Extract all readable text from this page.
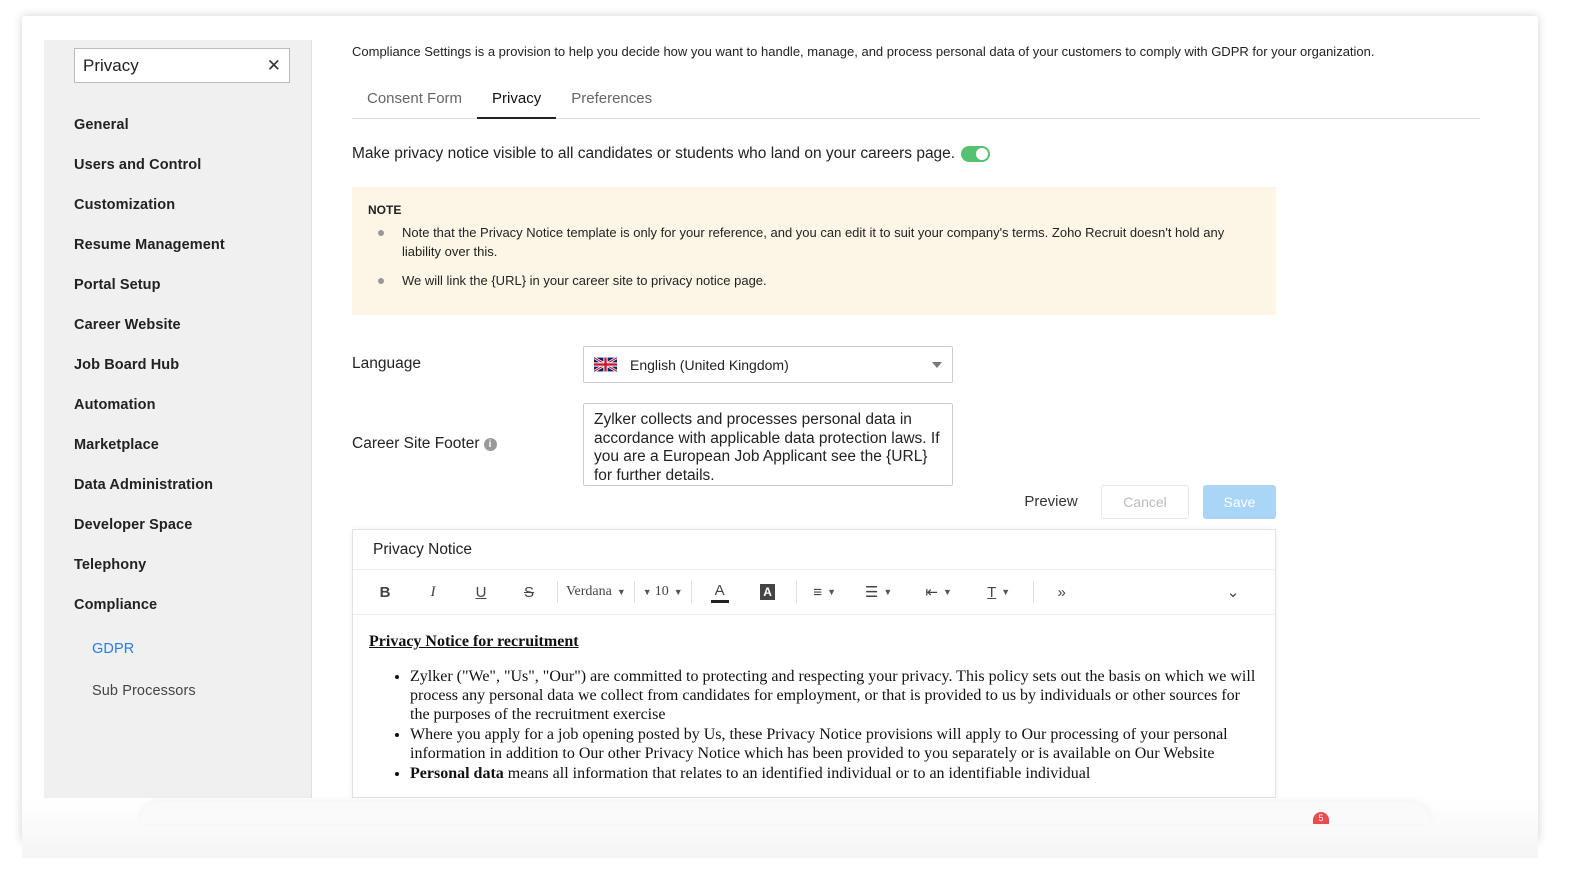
Privacy
✕
General
Users and Control
Customization
Resume Management
Portal Setup
Career Website
Job Board Hub
Automation
Marketplace
Data Administration
Developer Space
Telephony
Compliance
GDPR
Sub Processors
Compliance Settings is a provision to help you decide how you want to handle, manage, and process personal data of your customers to comply with GDPR for your organization.
Consent Form	Privacy	Preferences
Make privacy notice visible to all candidates or students who land on your careers page.
NOTE
Note that the Privacy Notice template is only for your reference, and you can edit it to suit your company's terms. Zoho Recruit doesn't hold any liability over this.
We will link the {URL} in your career site to privacy notice page.
Language	English (United Kingdom)
Career Site Footer i
Zylker collects and processes personal data in accordance with applicable data protection laws. If you are a European Job Applicant see the {URL} for further details.
Preview	Cancel	Save
Privacy Notice
B	I	U	S	Verdana ▼ ▼ 10 ▼ A	A	≡ ▼	☰ ▼	⇤ ▼	T̲ ▼	»	⌄
Privacy Notice for recruitment
• Zylker ("We", "Us", "Our") are committed to protecting and respecting your privacy. This policy sets out the basis on which we will process any personal data we collect from candidates for employment, or that is provided to us by individuals or other sources for the purposes of the recruitment exercise
• Where you apply for a job opening posted by Us, these Privacy Notice provisions will apply to Our processing of your personal information in addition to Our other Privacy Notice which has been provided to you separately or is available on Our Website
• Personal data means all information that relates to an identified individual or to an identifiable individual
5
